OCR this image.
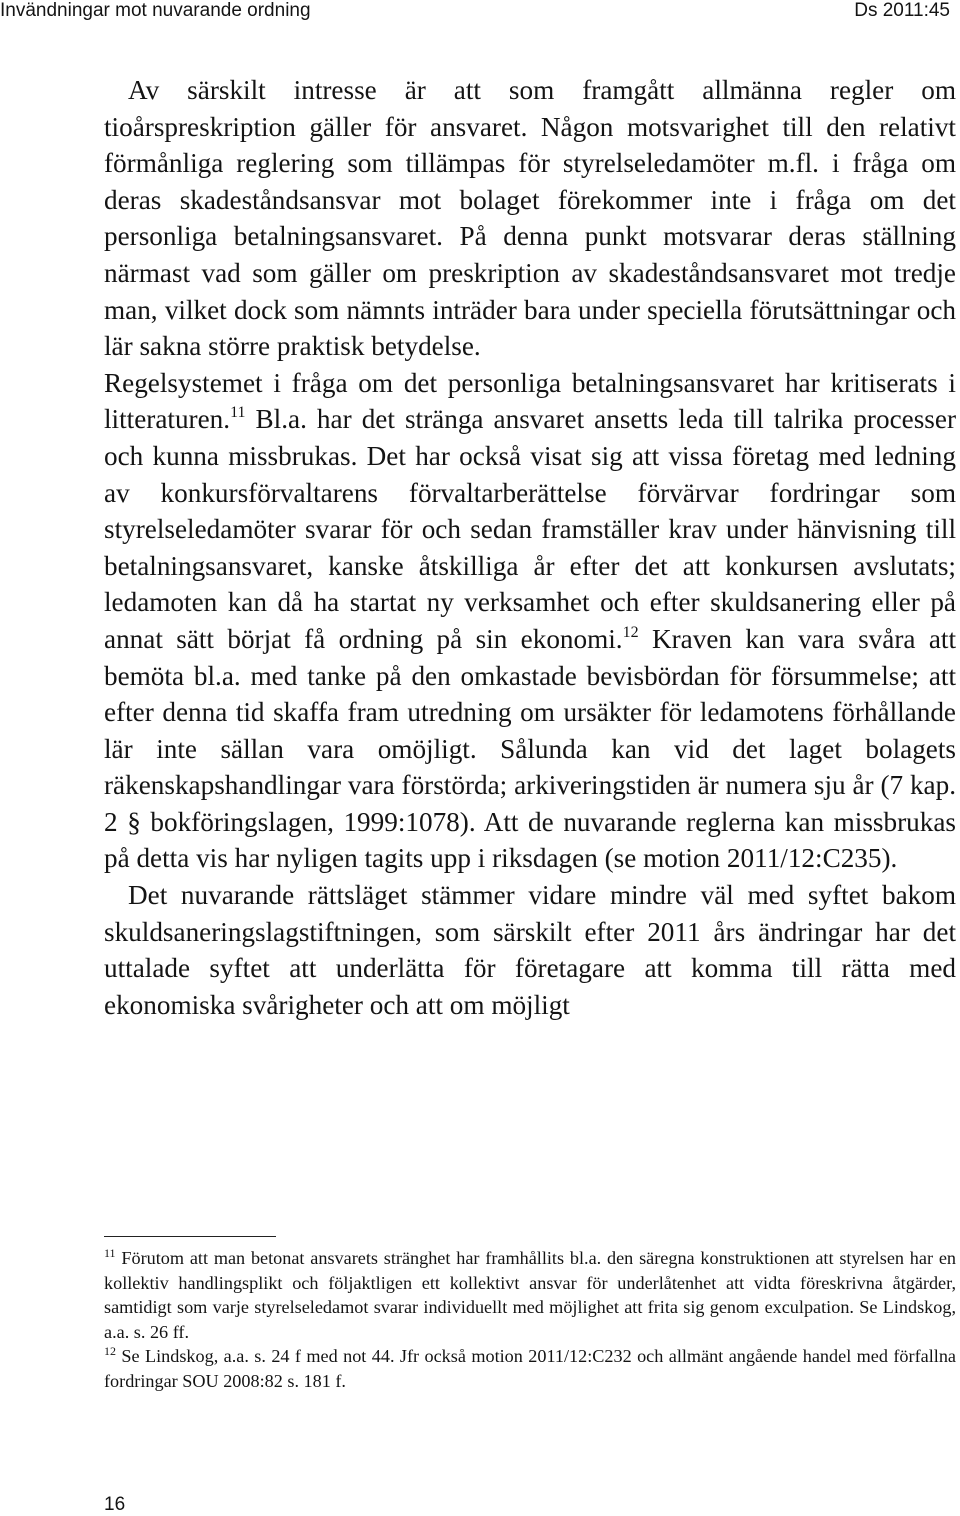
Invändningar mot nuvarande ordning	Ds 2011:45

Av särskilt intresse är att som framgått allmänna regler om tioårspreskription gäller för ansvaret. Någon motsvarighet till den relativt förmånliga reglering som tillämpas för styrelseledamöter m.fl. i fråga om deras skadeståndsansvar mot bolaget förekommer inte i fråga om det personliga betalningsansvaret. På denna punkt motsvarar deras ställning närmast vad som gäller om preskription av skadeståndsansvaret mot tredje man, vilket dock som nämnts inträder bara under speciella förutsättningar och lär sakna större praktisk betydelse.

Regelsystemet i fråga om det personliga betalningsansvaret har kritiserats i litteraturen.$^{11}$ Bl.a. har det stränga ansvaret ansetts leda till talrika processer och kunna missbrukas. Det har också visat sig att vissa företag med ledning av konkursförvaltarens förvaltarberättelse förvärvar fordringar som styrelseledamöter svarar för och sedan framställer krav under hänvisning till betalningsansvaret, kanske åtskilliga år efter det att konkursen avslutats; ledamoten kan då ha startat ny verksamhet och efter skuldsanering eller på annat sätt börjat få ordning på sin ekonomi.$^{12}$ Kraven kan vara svåra att bemöta bl.a. med tanke på den omkastade bevisbördan för försummelse; att efter denna tid skaffa fram utredning om ursäkter för ledamotens förhållande lär inte sällan vara omöjligt. Sålunda kan vid det laget bolagets räkenskapshandlingar vara förstörda; arkiveringstiden är numera sju år (7 kap. 2 § bokföringslagen, 1999:1078). Att de nuvarande reglerna kan missbrukas på detta vis har nyligen tagits upp i riksdagen (se motion 2011/12:C235).

Det nuvarande rättsläget stämmer vidare mindre väl med syftet bakom skuldsaneringslagstiftningen, som särskilt efter 2011 års ändringar har det uttalade syftet att underlätta för företagare att komma till rätta med ekonomiska svårigheter och att om möjligt

$^{11}$ Förutom att man betonat ansvarets stränghet har framhållits bl.a. den säregna konstruktionen att styrelsen har en kollektiv handlingsplikt och följaktligen ett kollektivt ansvar för underlåtenhet att vidta föreskrivna åtgärder, samtidigt som varje styrelseledamot svarar individuellt med möjlighet att frita sig genom exculpation. Se Lindskog, a.a. s. 26 ff.

$^{12}$ Se Lindskog, a.a. s. 24 f med not 44. Jfr också motion 2011/12:C232 och allmänt angående handel med förfallna fordringar SOU 2008:82 s. 181 f.

16
